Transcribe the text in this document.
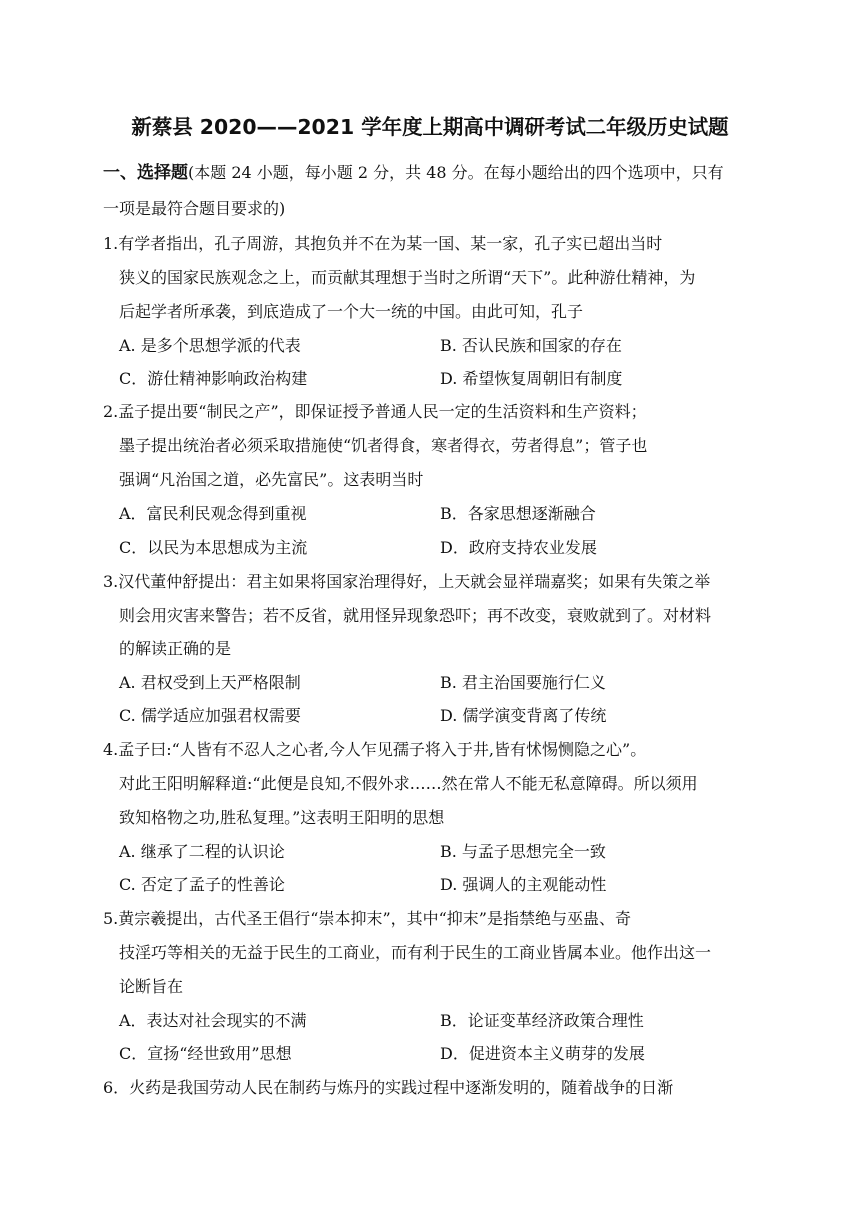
新蔡县 2020——2021 学年度上期高中调研考试二年级历史试题
一、选择题(本题 24 小题，每小题 2 分，共 48 分。在每小题给出的四个选项中，只有
一项是最符合题目要求的)
1.有学者指出，孔子周游，其抱负并不在为某一国、某一家，孔子实已超出当时
狭义的国家民族观念之上，而贡献其理想于当时之所谓“天下”。此种游仕精神，为
后起学者所承袭，到底造成了一个大一统的中国。由此可知，孔子
A. 是多个思想学派的代表	B. 否认民族和国家的存在
C．游仕精神影响政治构建	D. 希望恢复周朝旧有制度
2.孟子提出要“制民之产”，即保证授予普通人民一定的生活资料和生产资料；
墨子提出统治者必须采取措施使“饥者得食，寒者得衣，劳者得息”；管子也
强调“凡治国之道，必先富民”。这表明当时
A．富民利民观念得到重视	B．各家思想逐渐融合
C．以民为本思想成为主流	D．政府支持农业发展
3.汉代董仲舒提出：君主如果将国家治理得好，上天就会显祥瑞嘉奖；如果有失策之举
则会用灾害来警告；若不反省，就用怪异现象恐吓；再不改变，衰败就到了。对材料
的解读正确的是
A. 君权受到上天严格限制	B. 君主治国要施行仁义
C. 儒学适应加强君权需要	D. 儒学演变背离了传统
4.孟子曰:“人皆有不忍人之心者,今人乍见孺子将入于井,皆有怵惕恻隐之心”。
对此王阳明解释道:“此便是良知,不假外求……然在常人不能无私意障碍。所以须用
致知格物之功,胜私复理。”这表明王阳明的思想
A. 继承了二程的认识论	B. 与孟子思想完全一致
C. 否定了孟子的性善论	D. 强调人的主观能动性
5.黄宗羲提出，古代圣王倡行“崇本抑末”，其中“抑末”是指禁绝与巫蛊、奇
技淫巧等相关的无益于民生的工商业，而有利于民生的工商业皆属本业。他作出这一
论断旨在
A．表达对社会现实的不满	B．论证变革经济政策合理性
C．宣扬“经世致用”思想	D．促进资本主义萌芽的发展
6．火药是我国劳动人民在制药与炼丹的实践过程中逐渐发明的，随着战争的日渐
